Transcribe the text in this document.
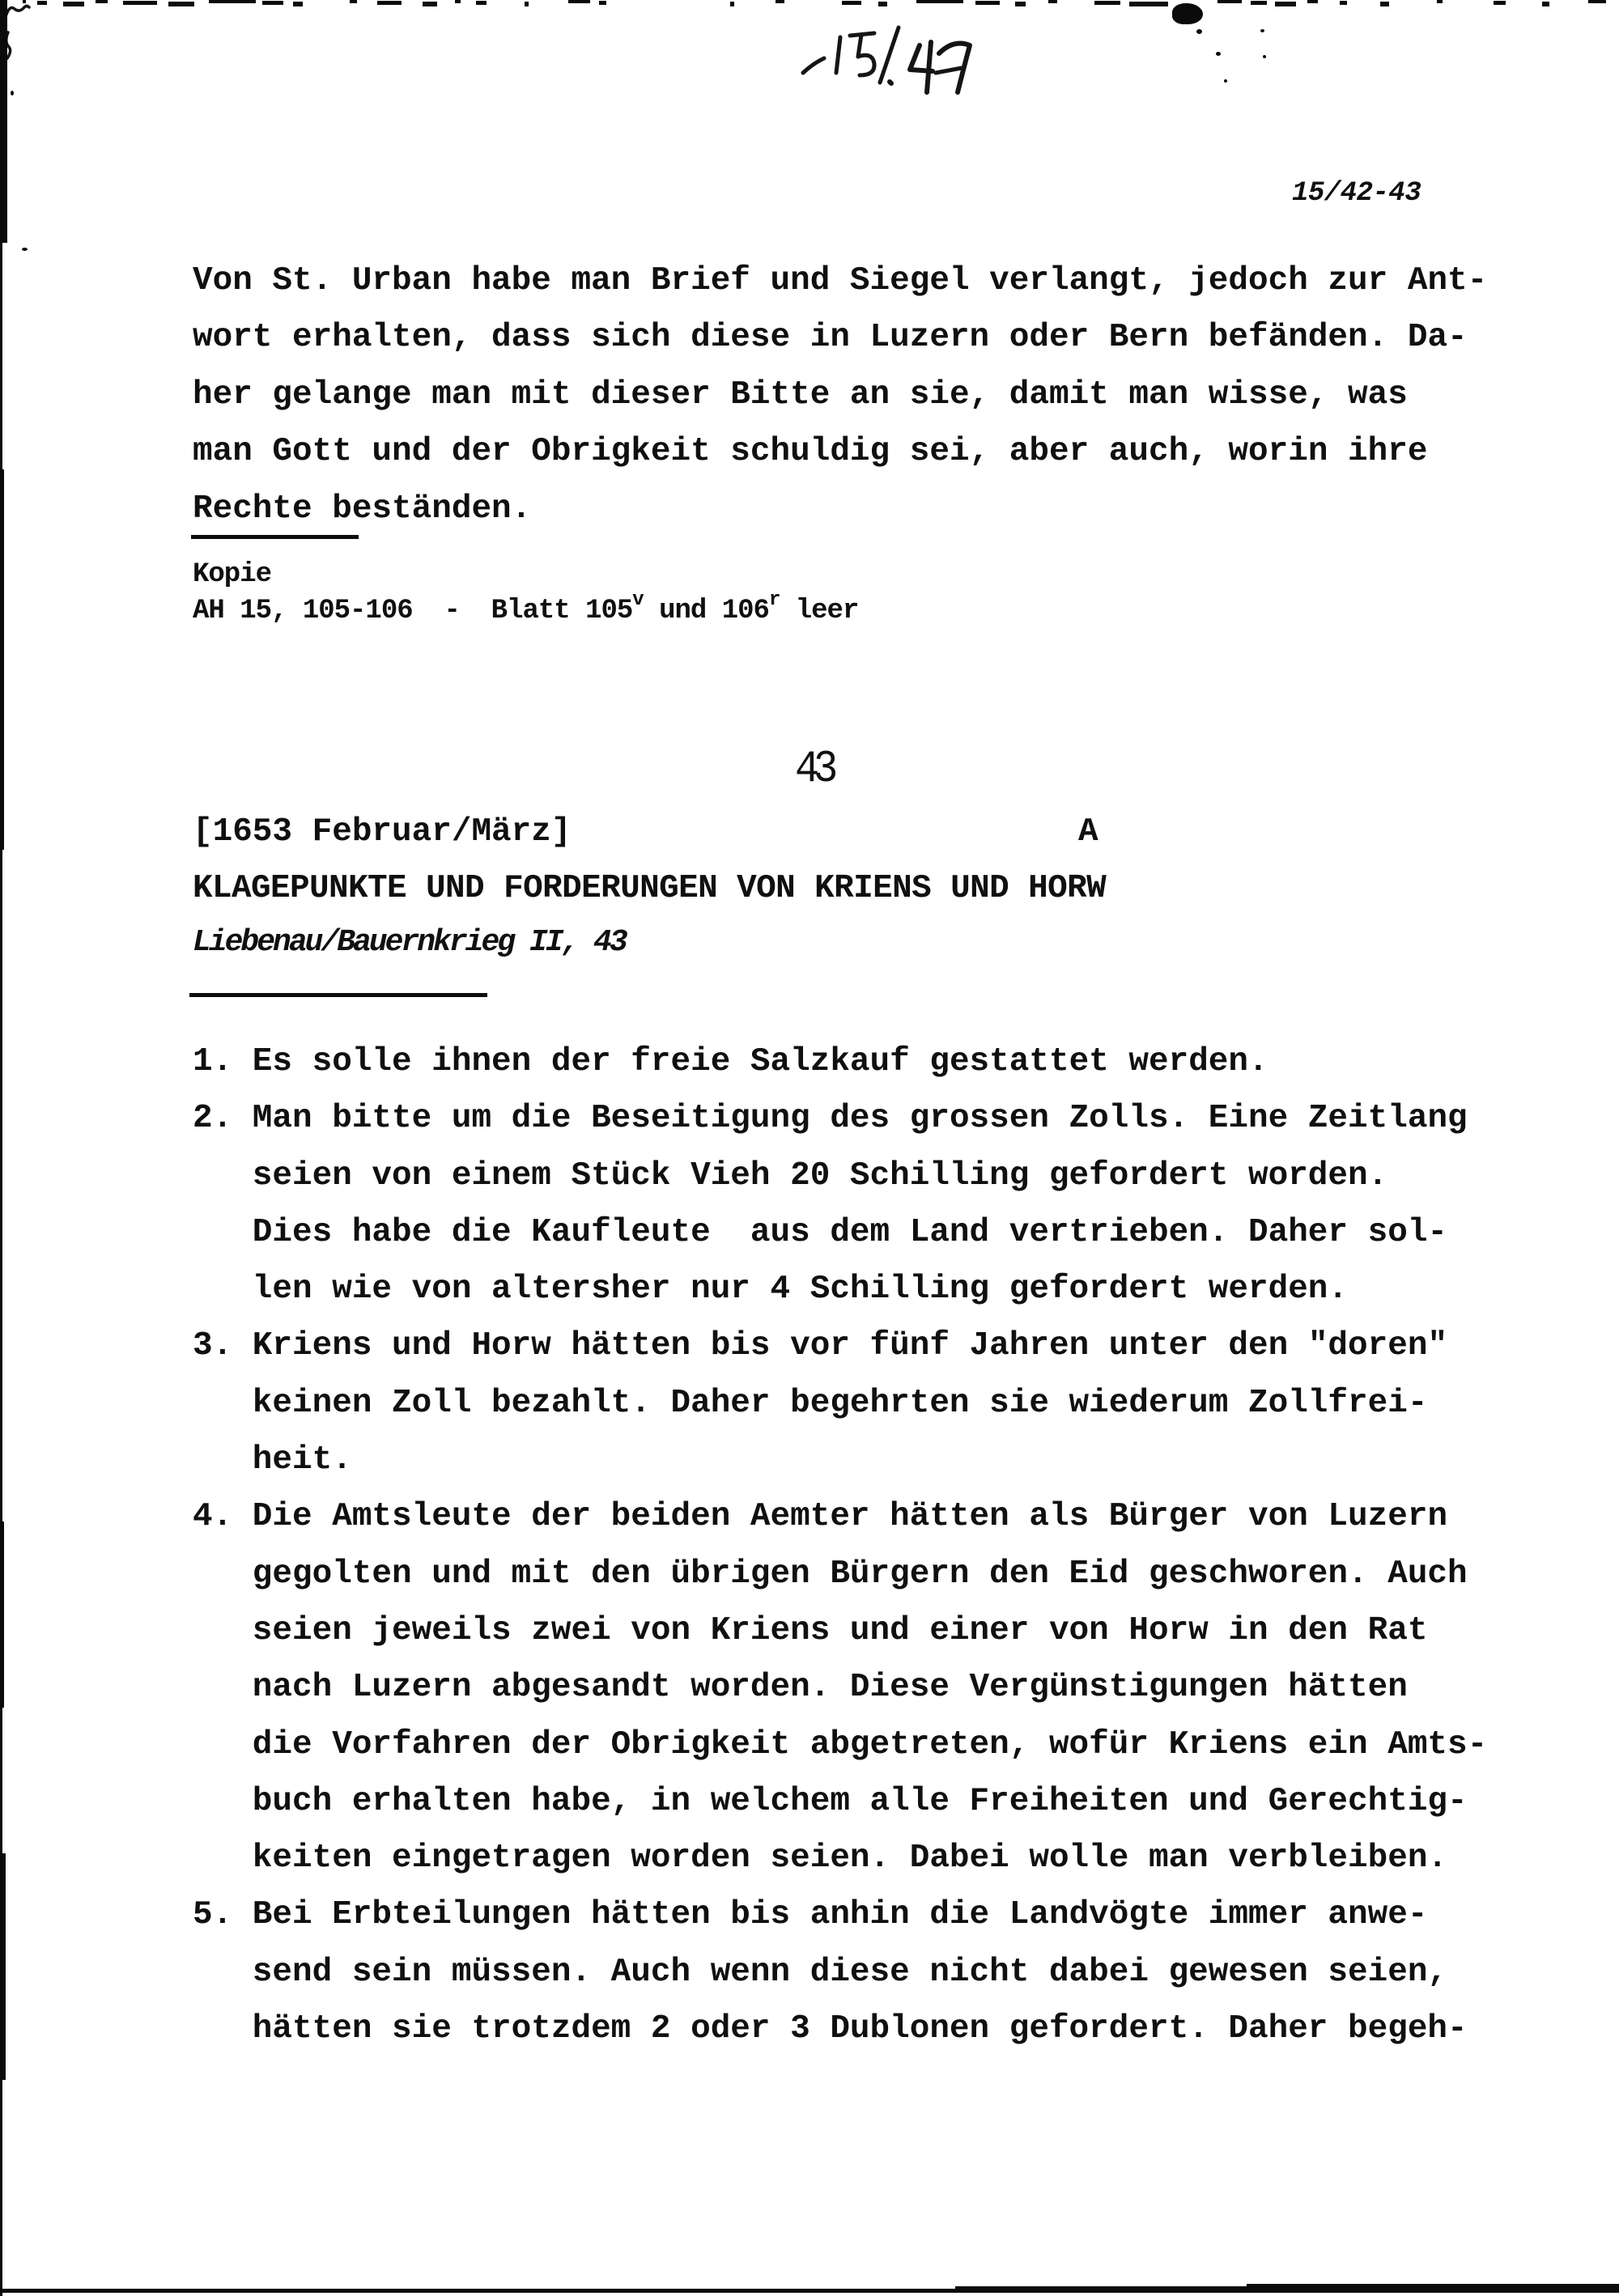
15/42-43
Von St. Urban habe man Brief und Siegel verlangt, jedoch zur Ant-
wort erhalten, dass sich diese in Luzern oder Bern befänden. Da-
her gelange man mit dieser Bitte an sie, damit man wisse, was
man Gott und der Obrigkeit schuldig sei, aber auch, worin ihre
Rechte beständen.
Kopie
AH 15, 105-106  -  Blatt 105$^v$ und 106$^r$ leer
43
[1653 Februar/März]	A
KLAGEPUNKTE UND FORDERUNGEN VON KRIENS UND HORW
Liebenau/Bauernkrieg II, 43
1. Es solle ihnen der freie Salzkauf gestattet werden.
2. Man bitte um die Beseitigung des grossen Zolls. Eine Zeitlang
seien von einem Stück Vieh 20 Schilling gefordert worden.
Dies habe die Kaufleute  aus dem Land vertrieben. Daher sol-
len wie von altersher nur 4 Schilling gefordert werden.
3. Kriens und Horw hätten bis vor fünf Jahren unter den "doren"
keinen Zoll bezahlt. Daher begehrten sie wiederum Zollfrei-
heit.
4. Die Amtsleute der beiden Aemter hätten als Bürger von Luzern
gegolten und mit den übrigen Bürgern den Eid geschworen. Auch
seien jeweils zwei von Kriens und einer von Horw in den Rat
nach Luzern abgesandt worden. Diese Vergünstigungen hätten
die Vorfahren der Obrigkeit abgetreten, wofür Kriens ein Amts-
buch erhalten habe, in welchem alle Freiheiten und Gerechtig-
keiten eingetragen worden seien. Dabei wolle man verbleiben.
5. Bei Erbteilungen hätten bis anhin die Landvögte immer anwe-
send sein müssen. Auch wenn diese nicht dabei gewesen seien,
hätten sie trotzdem 2 oder 3 Dublonen gefordert. Daher begeh-
